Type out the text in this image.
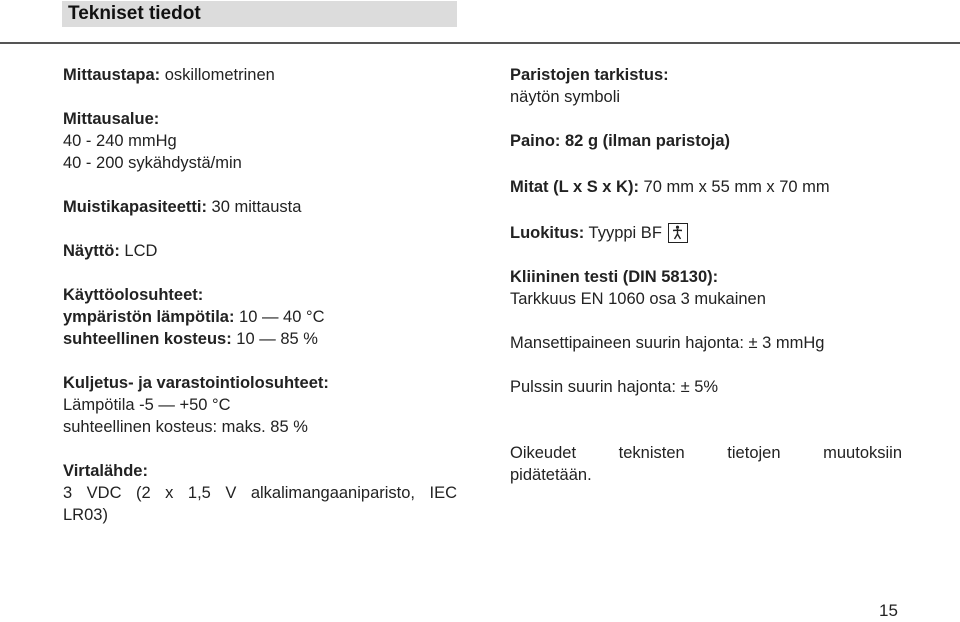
Tekniset tiedot
Mittaustapa: oskillometrinen
Mittausalue:
40 - 240 mmHg
40 - 200 sykähdystä/min
Muistikapasiteetti: 30 mittausta
Näyttö: LCD
Käyttöolosuhteet:
ympäristön lämpötila: 10 — 40 °C
suhteellinen kosteus: 10 — 85 %
Kuljetus- ja varastointiolosuhteet:
Lämpötila -5 — +50 °C
suhteellinen kosteus: maks. 85 %
Virtalähde:
3 VDC (2 x 1,5 V alkalimangaaniparisto, IEC LR03)
Paristojen tarkistus:
näytön symboli
Paino: 82 g (ilman paristoja)
Mitat (L x S x K): 70 mm x 55 mm x 70 mm
Luokitus: Tyyppi BF
Kliininen testi (DIN 58130):
Tarkkuus EN 1060 osa 3 mukainen
Mansettipaineen suurin hajonta: ± 3 mmHg
Pulssin suurin hajonta: ± 5%
Oikeudet teknisten tietojen muutoksiin pidätetään.
15
